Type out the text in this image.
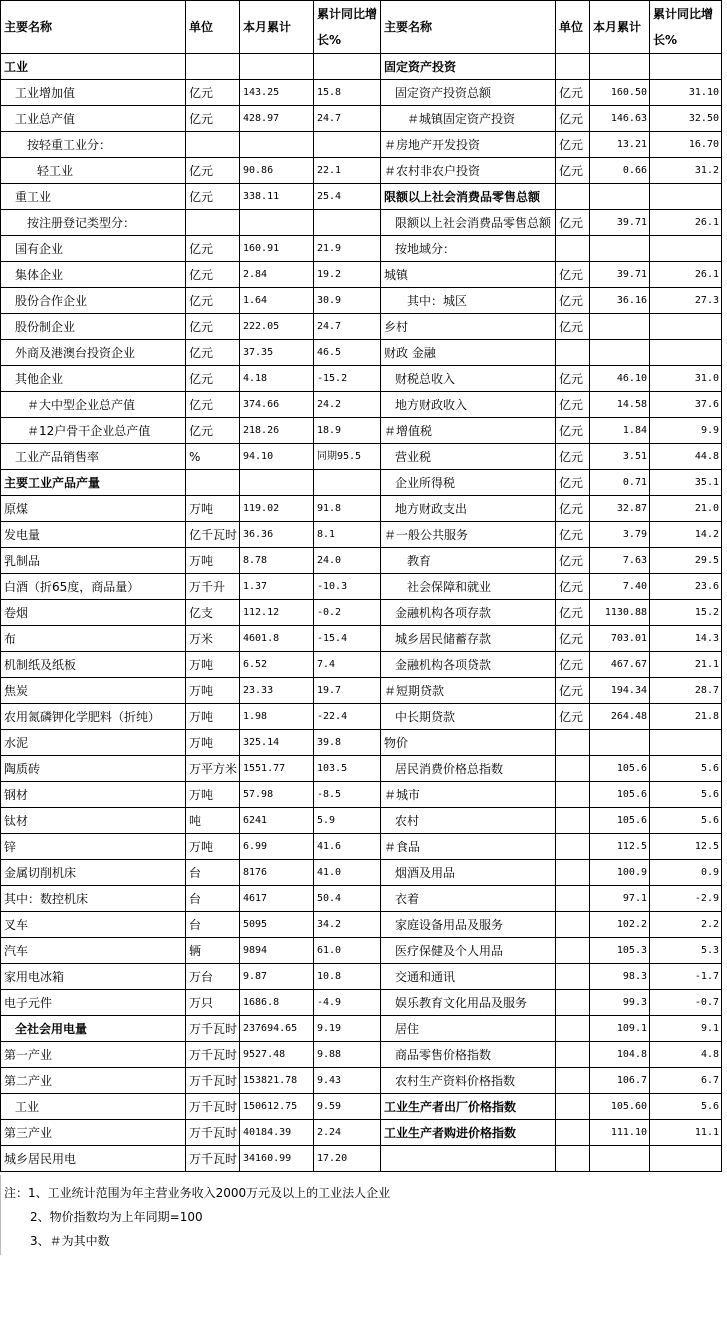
主要名称	单位	本月累计	累计同比增长%	主要名称	单位	本月累计	累计同比增长%
工业				固定资产投资			
工业增加值	亿元	143.25	15.8	固定资产投资总额	亿元	160.50	31.10
工业总产值	亿元	428.97	24.7	＃城镇固定资产投资	亿元	146.63	32.50
按轻重工业分：				＃房地产开发投资	亿元	13.21	16.70
轻工业	亿元	90.86	22.1	＃农村非农户投资	亿元	0.66	31.2
重工业	亿元	338.11	25.4	限额以上社会消费品零售总额			
按注册登记类型分：				限额以上社会消费品零售总额	亿元	39.71	26.1
国有企业	亿元	160.91	21.9	按地域分：			
集体企业	亿元	2.84	19.2	城镇	亿元	39.71	26.1
股份合作企业	亿元	1.64	30.9	其中：城区	亿元	36.16	27.3
股份制企业	亿元	222.05	24.7	乡村	亿元		
外商及港澳台投资企业	亿元	37.35	46.5	财政 金融			
其他企业	亿元	4.18	-15.2	财税总收入	亿元	46.10	31.0
＃大中型企业总产值	亿元	374.66	24.2	地方财政收入	亿元	14.58	37.6
＃12户骨干企业总产值	亿元	218.26	18.9	＃增值税	亿元	1.84	9.9
工业产品销售率	%	94.10	同期95.5	营业税	亿元	3.51	44.8
主要工业产品产量				企业所得税	亿元	0.71	35.1
原煤	万吨	119.02	91.8	地方财政支出	亿元	32.87	21.0
发电量	亿千瓦时	36.36	8.1	＃一般公共服务	亿元	3.79	14.2
乳制品	万吨	8.78	24.0	教育	亿元	7.63	29.5
白酒（折65度，商品量）	万千升	1.37	-10.3	社会保障和就业	亿元	7.40	23.6
卷烟	亿支	112.12	-0.2	金融机构各项存款	亿元	1130.88	15.2
布	万米	4601.8	-15.4	城乡居民储蓄存款	亿元	703.01	14.3
机制纸及纸板	万吨	6.52	7.4	金融机构各项贷款	亿元	467.67	21.1
焦炭	万吨	23.33	19.7	＃短期贷款	亿元	194.34	28.7
农用氮磷钾化学肥料（折纯）	万吨	1.98	-22.4	中长期贷款	亿元	264.48	21.8
水泥	万吨	325.14	39.8	物价			
陶质砖	万平方米	1551.77	103.5	居民消费价格总指数		105.6	5.6
钢材	万吨	57.98	-8.5	＃城市		105.6	5.6
钛材	吨	6241	5.9	农村		105.6	5.6
锌	万吨	6.99	41.6	＃食品		112.5	12.5
金属切削机床	台	8176	41.0	烟酒及用品		100.9	0.9
其中：数控机床	台	4617	50.4	衣着		97.1	-2.9
叉车	台	5095	34.2	家庭设备用品及服务		102.2	2.2
汽车	辆	9894	61.0	医疗保健及个人用品		105.3	5.3
家用电冰箱	万台	9.87	10.8	交通和通讯		98.3	-1.7
电子元件	万只	1686.8	-4.9	娱乐教育文化用品及服务		99.3	-0.7
全社会用电量	万千瓦时	237694.65	9.19	居住		109.1	9.1
第一产业	万千瓦时	9527.48	9.88	商品零售价格指数		104.8	4.8
第二产业	万千瓦时	153821.78	9.43	农村生产资料价格指数		106.7	6.7
工业	万千瓦时	150612.75	9.59	工业生产者出厂价格指数		105.60	5.6
第三产业	万千瓦时	40184.39	2.24	工业生产者购进价格指数		111.10	11.1
城乡居民用电	万千瓦时	34160.99	17.20				
注：1、工业统计范围为年主营业务收入2000万元及以上的工业法人企业
2、物价指数均为上年同期=100
3、＃为其中数
